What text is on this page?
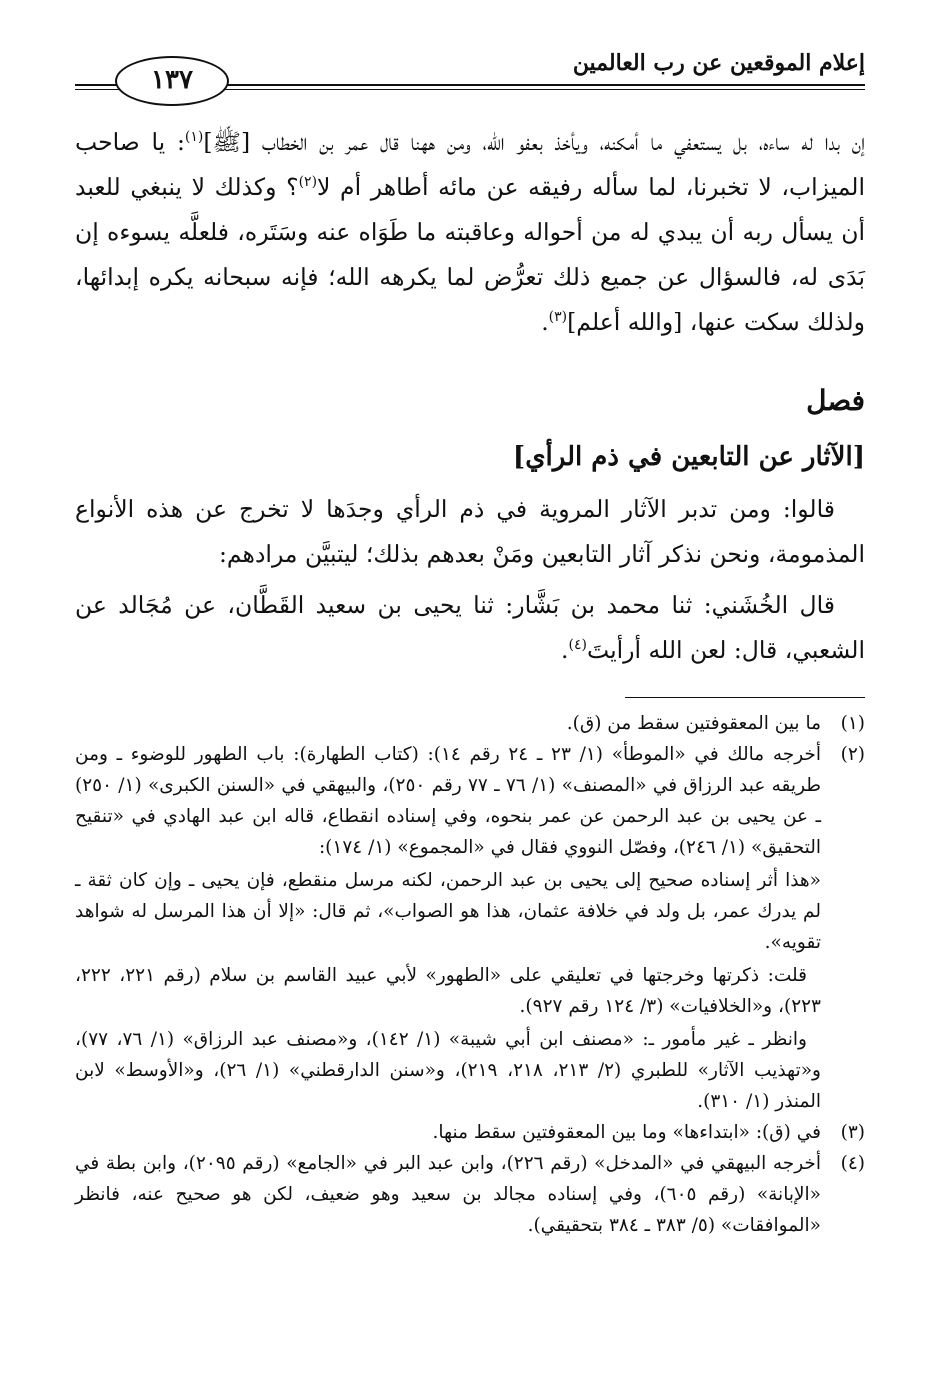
إعلام الموقعين عن رب العالمين
١٣٧

إن بدا له ساءه، بل يستعفي ما أمكنه، ويأخذ بعفو الله، ومن ههنا قال عمر بن الخطاب [ﷺ]$^{(١)}$: يا صاحب الميزاب، لا تخبرنا، لما سأله رفيقه عن مائه أطاهر أم لا$^{(٢)}$؟ وكذلك لا ينبغي للعبد أن يسأل ربه أن يبدي له من أحواله وعاقبته ما طَوَاه عنه وسَتَره، فلعلَّه يسوءه إن بَدَى له، فالسؤال عن جميع ذلك تعرُّض لما يكرهه الله؛ فإنه سبحانه يكره إبدائها، ولذلك سكت عنها، [والله أعلم]$^{(٣)}$.

فصل
[الآثار عن التابعين في ذم الرأي]

قالوا: ومن تدبر الآثار المروية في ذم الرأي وجدَها لا تخرج عن هذه الأنواع المذمومة، ونحن نذكر آثار التابعين ومَنْ بعدهم بذلك؛ ليتبيَّن مرادهم:

قال الخُشَني: ثنا محمد بن بَشَّار: ثنا يحيى بن سعيد القَطَّان، عن مُجَالد عن الشعبي، قال: لعن الله أرأيتَ$^{(٤)}$.

(١)
ما بين المعقوفتين سقط من (ق).
(٢)
أخرجه مالك في «الموطأ» (١/ ٢٣ ـ ٢٤ رقم ١٤): (كتاب الطهارة): باب الطهور للوضوء ـ ومن طريقه عبد الرزاق في «المصنف» (١/ ٧٦ ـ ٧٧ رقم ٢٥٠)، والبيهقي في «السنن الكبرى» (١/ ٢٥٠) ـ عن يحيى بن عبد الرحمن عن عمر بنحوه، وفي إسناده انقطاع، قاله ابن عبد الهادي في «تنقيح التحقيق» (١/ ٢٤٦)، وفصّل النووي فقال في «المجموع» (١/ ١٧٤):
«هذا أثر إسناده صحيح إلى يحيى بن عبد الرحمن، لكنه مرسل منقطع، فإن يحيى ـ وإن كان ثقة ـ لم يدرك عمر، بل ولد في خلافة عثمان، هذا هو الصواب»، ثم قال: «إلا أن هذا المرسل له شواهد تقويه».
قلت: ذكرتها وخرجتها في تعليقي على «الطهور» لأبي عبيد القاسم بن سلام (رقم ٢٢١، ٢٢٢، ٢٢٣)، و«الخلافيات» (٣/ ١٢٤ رقم ٩٢٧).
وانظر ـ غير مأمور ـ: «مصنف ابن أبي شيبة» (١/ ١٤٢)، و«مصنف عبد الرزاق» (١/ ٧٦، ٧٧)، و«تهذيب الآثار» للطبري (٢/ ٢١٣، ٢١٨، ٢١٩)، و«سنن الدارقطني» (١/ ٢٦)، و«الأوسط» لابن المنذر (١/ ٣١٠).
(٣)
في (ق): «ابتداءها» وما بين المعقوفتين سقط منها.
(٤)
أخرجه البيهقي في «المدخل» (رقم ٢٢٦)، وابن عبد البر في «الجامع» (رقم ٢٠٩٥)، وابن بطة في «الإبانة» (رقم ٦٠٥)، وفي إسناده مجالد بن سعيد وهو ضعيف، لكن هو صحيح عنه، فانظر «الموافقات» (٥/ ٣٨٣ ـ ٣٨٤ بتحقيقي).
